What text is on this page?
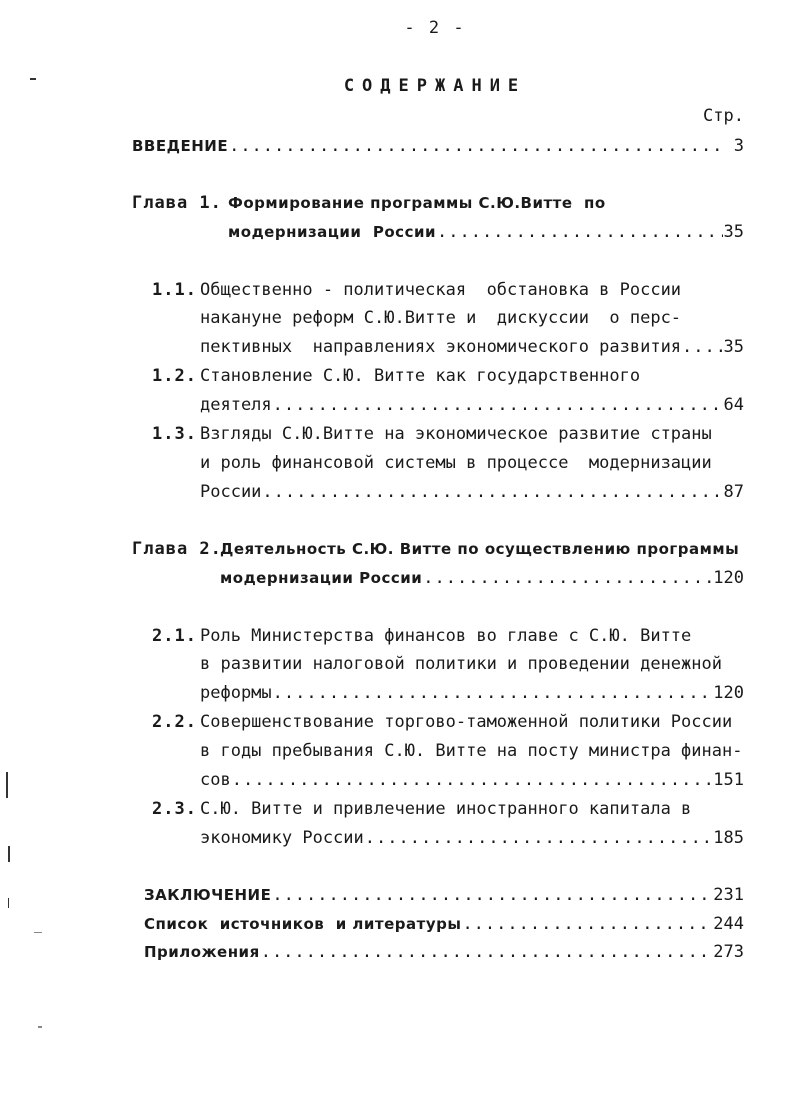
- 2 -
СОДЕРЖАНИЕ
Стр.
ВВЕДЕНИЕ .....	3
Глава 1. Формирование программы С.Ю.Витте  по
модернизации  России .....	35
1.1. Общественно - политическая  обстановка в России
накануне реформ С.Ю.Витте и  дискуссии  о перс-
пективных  направлениях экономического развития ..... 35
1.2. Становление С.Ю. Витте как государственного
деятеля .....	64
1.3. Взгляды С.Ю.Витте на экономическое развитие страны
и роль финансовой системы в процессе  модернизации
России .....	87
Глава 2.
Деятельность С.Ю. Витте по осуществлению программы
модернизации России .....	120
2.1. Роль Министерства финансов во главе с С.Ю. Витте
в развитии налоговой политики и проведении денежной
реформы .....	120
2.2. Совершенствование торгово-таможенной политики России
в годы пребывания С.Ю. Витте на посту министра финан-
сов .....	151
2.3. С.Ю. Витте и привлечение иностранного капитала в
экономику России .....	185
ЗАКЛЮЧЕНИЕ .....	231
Список  источников  и литературы .....	244
Приложения .....	273
